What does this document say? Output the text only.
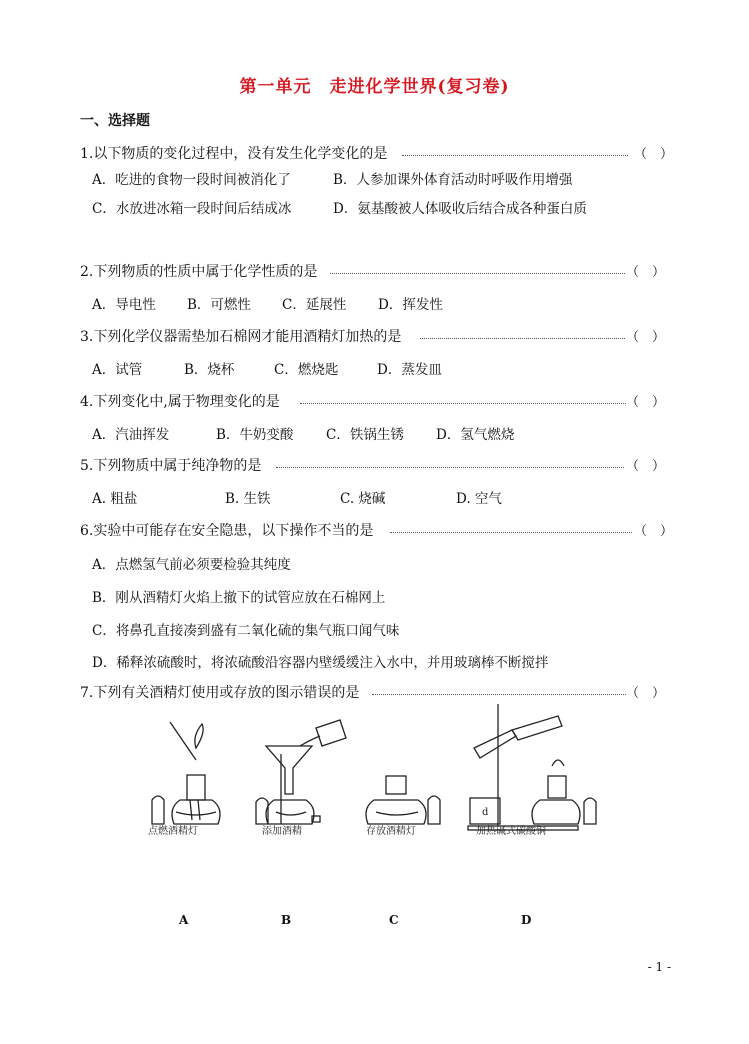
第一单元　走进化学世界(复习卷)
一、选择题
1.以下物质的变化过程中，没有发生化学变化的是	（　）
A．吃进的食物一段时间被消化了	B．人参加课外体育活动时呼吸作用增强
C．水放进冰箱一段时间后结成冰	D．氨基酸被人体吸收后结合成各种蛋白质
2.下列物质的性质中属于化学性质的是	（　）
A．导电性 B．可燃性 C．延展性 D．挥发性
3.下列化学仪器需垫加石棉网才能用酒精灯加热的是	（　）
A．试管	B．烧杯	C．燃烧匙	D．蒸发皿
4.下列变化中,属于物理变化的是	（　）
A．汽油挥发	B．牛奶变酸 C．铁锅生锈 D．氢气燃烧
5.下列物质中属于纯净物的是	（　）
A. 粗盐	B. 生铁	C. 烧碱	D. 空气
6.实验中可能存在安全隐患，以下操作不当的是	（　）
A．点燃氢气前必须要检验其纯度
B．刚从酒精灯火焰上撤下的试管应放在石棉网上
C．将鼻孔直接凑到盛有二氧化硫的集气瓶口闻气味
D．稀释浓硫酸时，将浓硫酸沿容器内壁缓缓注入水中，并用玻璃棒不断搅拌
7.下列有关酒精灯使用或存放的图示错误的是	（　）
d
点燃酒精灯	添加酒精	存放酒精灯	加热碱式碳酸铜
A	B	C	D
- 1 -
